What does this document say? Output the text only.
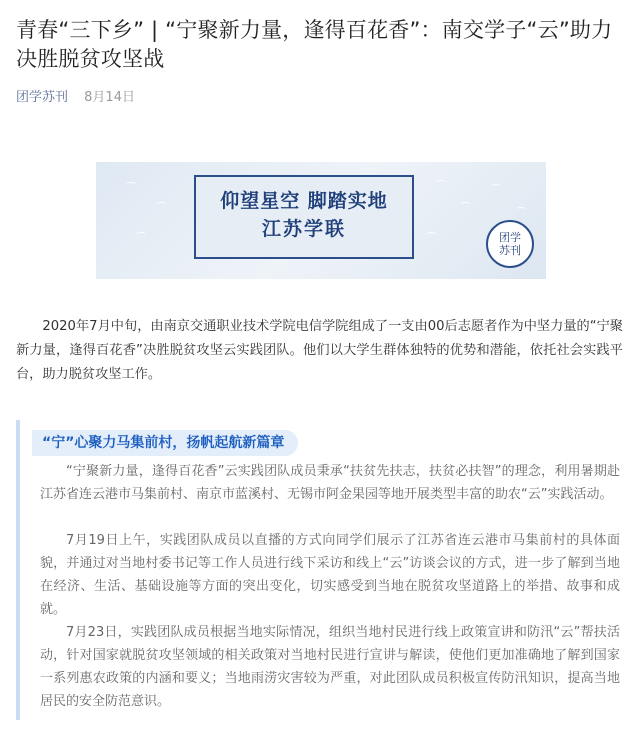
青春“三下乡” | “宁聚新力量，逢得百花香”：南交学子“云”助力决胜脱贫攻坚战
团学苏刊 8月14日
仰望星空 脚踏实地
江苏学联	团学
苏刊

2020年7月中旬，由南京交通职业技术学院电信学院组成了一支由00后志愿者作为中坚力量的“宁聚新力量，逢得百花香”决胜脱贫攻坚云实践团队。他们以大学生群体独特的优势和潜能，依托社会实践平台，助力脱贫攻坚工作。

“宁”心聚力马集前村，扬帆起航新篇章

“宁聚新力量，逢得百花香”云实践团队成员秉承“扶贫先扶志，扶贫必扶智”的理念，利用暑期赴江苏省连云港市马集前村、南京市蓝溪村、无锡市阿金果园等地开展类型丰富的助农“云”实践活动。

7月19日上午，实践团队成员以直播的方式向同学们展示了江苏省连云港市马集前村的具体面貌，并通过对当地村委书记等工作人员进行线下采访和线上“云”访谈会议的方式，进一步了解到当地在经济、生活、基础设施等方面的突出变化，切实感受到当地在脱贫攻坚道路上的举措、故事和成就。

7月23日，实践团队成员根据当地实际情况，组织当地村民进行线上政策宣讲和防汛“云”帮扶活动，针对国家就脱贫攻坚领域的相关政策对当地村民进行宣讲与解读，使他们更加准确地了解到国家一系列惠农政策的内涵和要义；当地雨涝灾害较为严重，对此团队成员积极宣传防汛知识，提高当地居民的安全防范意识。
